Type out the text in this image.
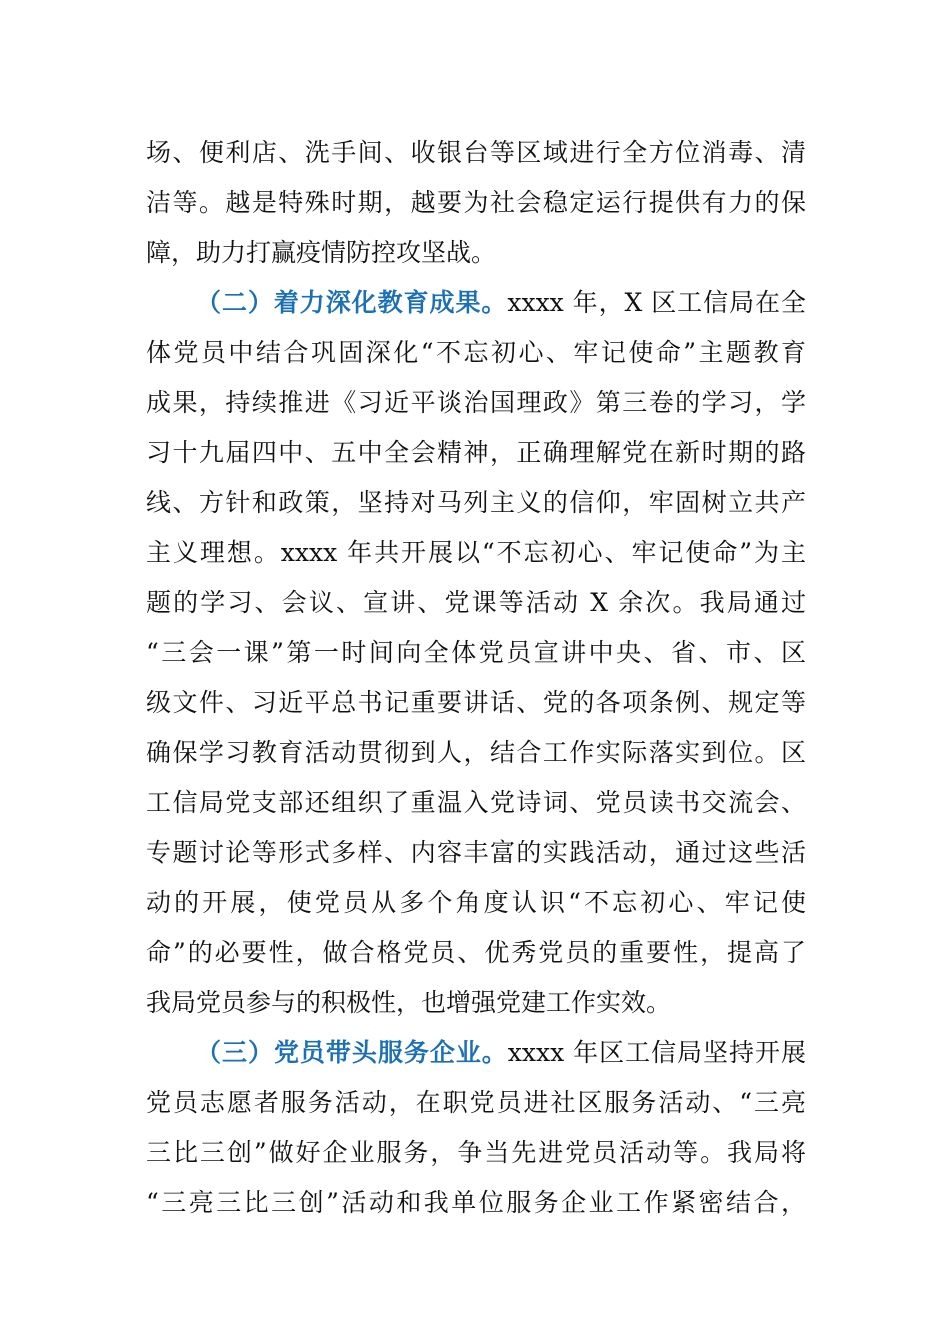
场、便利店、洗手间、收银台等区域进行全方位消毒、清
洁等。越是特殊时期，越要为社会稳定运行提供有力的保
障，助力打赢疫情防控攻坚战。
（二）着力深化教育成果。xxxx 年，X 区工信局在全
体党员中结合巩固深化“不忘初心、牢记使命”主题教育
成果，持续推进《习近平谈治国理政》第三卷的学习，学
习十九届四中、五中全会精神，正确理解党在新时期的路
线、方针和政策，坚持对马列主义的信仰，牢固树立共产
主义理想。xxxx 年共开展以“不忘初心、牢记使命”为主
题的学习、会议、宣讲、党课等活动 X 余次。我局通过
“三会一课”第一时间向全体党员宣讲中央、省、市、区
级文件、习近平总书记重要讲话、党的各项条例、规定等
确保学习教育活动贯彻到人，结合工作实际落实到位。区
工信局党支部还组织了重温入党诗词、党员读书交流会、
专题讨论等形式多样、内容丰富的实践活动，通过这些活
动的开展，使党员从多个角度认识“不忘初心、牢记使
命”的必要性，做合格党员、优秀党员的重要性，提高了
我局党员参与的积极性，也增强党建工作实效。
（三）党员带头服务企业。xxxx 年区工信局坚持开展
党员志愿者服务活动，在职党员进社区服务活动、“三亮
三比三创”做好企业服务，争当先进党员活动等。我局将
“三亮三比三创”活动和我单位服务企业工作紧密结合，
